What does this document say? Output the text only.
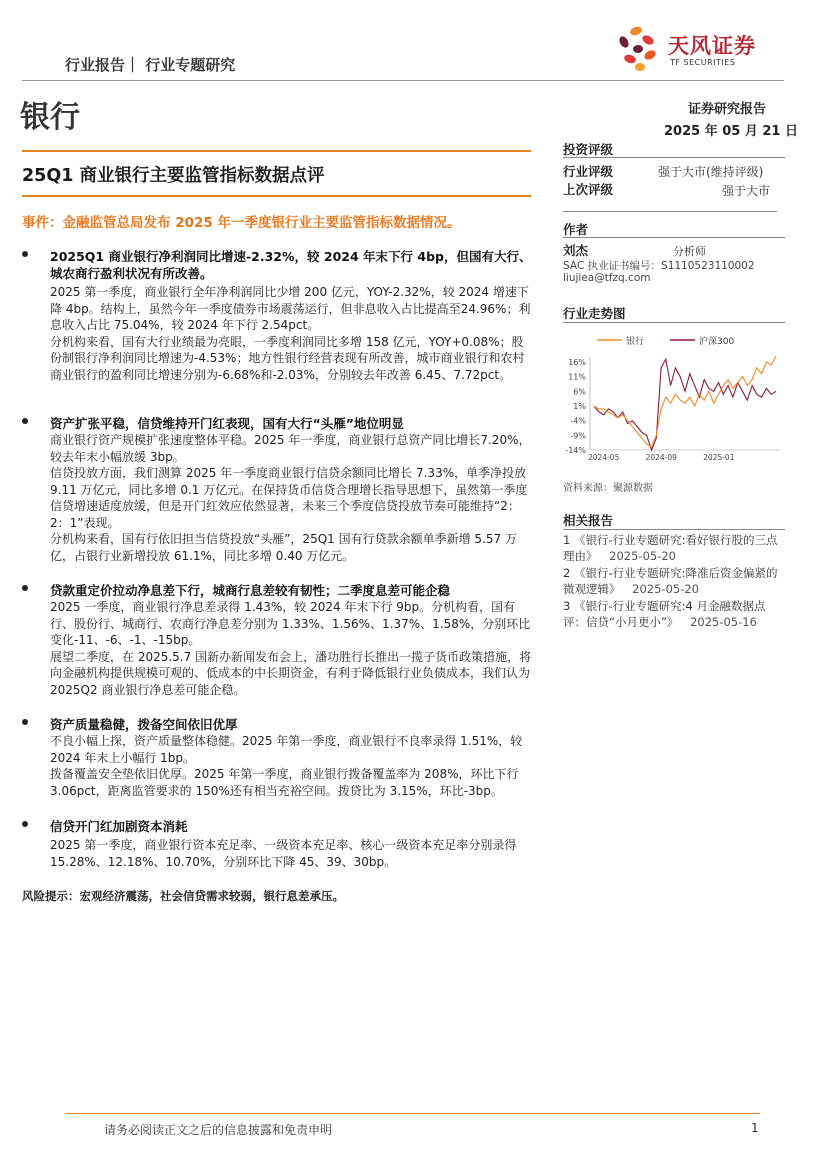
行业报告｜ 行业专题研究
天风证券
TF SECURITIES
银行	证券研究报告
2025 年 05 月 21 日
25Q1 商业银行主要监管指标数据点评
事件：金融监管总局发布 2025 年一季度银行业主要监管指标数据情况。
2025Q1 商业银行净利润同比增速-2.32%，较 2024 年末下行 4bp，但国有大行、城农商行盈利状况有所改善。
2025 第一季度，商业银行全年净利润同比少增 200 亿元，YOY-2.32%，较 2024 增速下降 4bp。结构上，虽然今年一季度债券市场震荡运行，但非息收入占比提高至24.96%；利息收入占比 75.04%，较 2024 年下行 2.54pct。
分机构来看，国有大行业绩最为亮眼，一季度利润同比多增 158 亿元，YOY+0.08%；股份制银行净利润同比增速为-4.53%；地方性银行经营表现有所改善，城市商业银行和农村商业银行的盈利同比增速分别为-6.68%和-2.03%，分别较去年改善 6.45、7.72pct。
资产扩张平稳，信贷维持开门红表现，国有大行“头雁”地位明显
商业银行资产规模扩张速度整体平稳。2025 年一季度，商业银行总资产同比增长7.20%，较去年末小幅放缓 3bp。
信贷投放方面，我们测算 2025 年一季度商业银行信贷余额同比增长 7.33%，单季净投放 9.11 万亿元，同比多增 0.1 万亿元。在保持货币信贷合理增长指导思想下，虽然第一季度信贷增速适度放缓，但是开门红效应依然显著，未来三个季度信贷投放节奏可能维持“2：2：1”表现。
分机构来看，国有行依旧担当信贷投放“头雁”，25Q1 国有行贷款余额单季新增 5.57 万亿，占银行业新增投放 61.1%，同比多增 0.40 万亿元。
贷款重定价拉动净息差下行，城商行息差较有韧性；二季度息差可能企稳
2025 一季度，商业银行净息差录得 1.43%，较 2024 年末下行 9bp。分机构看，国有行、股份行、城商行、农商行净息差分别为 1.33%、1.56%、1.37%、1.58%，分别环比变化-11、-6、-1、-15bp。
展望二季度，在 2025.5.7 国新办新闻发布会上，潘功胜行长推出一揽子货币政策措施，将向金融机构提供规模可观的、低成本的中长期资金，有利于降低银行业负债成本，我们认为 2025Q2 商业银行净息差可能企稳。
资产质量稳健，拨备空间依旧优厚
不良小幅上探，资产质量整体稳健。2025 年第一季度，商业银行不良率录得 1.51%，较 2024 年末上小幅行 1bp。
拨备覆盖安全垫依旧优厚。2025 年第一季度，商业银行拨备覆盖率为 208%，环比下行 3.06pct，距离监管要求的 150%还有相当充裕空间。拨贷比为 3.15%，环比-3bp。
信贷开门红加剧资本消耗
2025 第一季度，商业银行资本充足率、一级资本充足率、核心一级资本充足率分别录得15.28%、12.18%、10.70%，分别环比下降 45、39、30bp。
风险提示：宏观经济震荡，社会信贷需求较弱，银行息差承压。
投资评级
行业评级	强于大市(维持评级)
上次评级	强于大市
作者
刘杰	分析师
SAC 执业证书编号：S1110523110002
liujiea@tfzq.com
行业走势图
银行	沪深300
16%
11%
6%
1%
-4%
-9%
-14%
2024-05	2024-09	2025-01
资料来源：聚源数据
相关报告
1 《银行-行业专题研究:看好银行股的三点理由》 2025-05-20
2 《银行-行业专题研究:降准后资金偏紧的微观逻辑》 2025-05-20
3 《银行-行业专题研究:4 月金融数据点评：信贷“小月更小”》 2025-05-16
请务必阅读正文之后的信息披露和免责申明	1
